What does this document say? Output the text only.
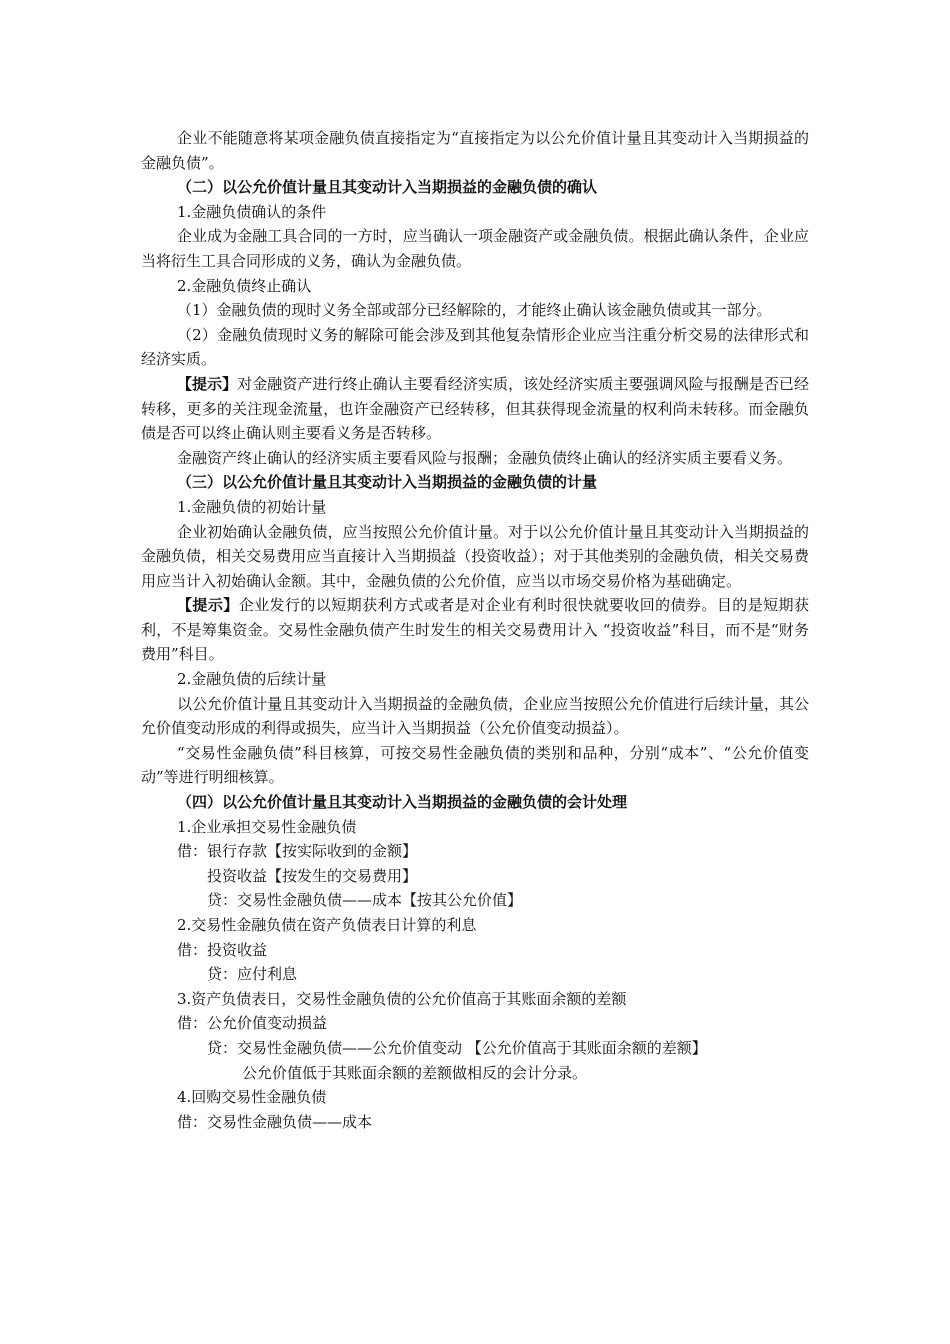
企业不能随意将某项金融负债直接指定为“直接指定为以公允价值计量且其变动计入当期损益的金融负债”。
（二）以公允价值计量且其变动计入当期损益的金融负债的确认
1.金融负债确认的条件
企业成为金融工具合同的一方时，应当确认一项金融资产或金融负债。根据此确认条件，企业应当将衍生工具合同形成的义务，确认为金融负债。
2.金融负债终止确认
（1）金融负债的现时义务全部或部分已经解除的，才能终止确认该金融负债或其一部分。
（2）金融负债现时义务的解除可能会涉及到其他复杂情形企业应当注重分析交易的法律形式和经济实质。
【提示】对金融资产进行终止确认主要看经济实质，该处经济实质主要强调风险与报酬是否已经转移，更多的关注现金流量，也许金融资产已经转移，但其获得现金流量的权利尚未转移。而金融负债是否可以终止确认则主要看义务是否转移。
金融资产终止确认的经济实质主要看风险与报酬；金融负债终止确认的经济实质主要看义务。
（三）以公允价值计量且其变动计入当期损益的金融负债的计量
1.金融负债的初始计量
企业初始确认金融负债，应当按照公允价值计量。对于以公允价值计量且其变动计入当期损益的金融负债，相关交易费用应当直接计入当期损益（投资收益）；对于其他类别的金融负债，相关交易费用应当计入初始确认金额。其中，金融负债的公允价值，应当以市场交易价格为基础确定。
【提示】企业发行的以短期获利方式或者是对企业有利时很快就要收回的债券。目的是短期获利，不是筹集资金。交易性金融负债产生时发生的相关交易费用计入 “投资收益”科目，而不是“财务费用”科目。
2.金融负债的后续计量
以公允价值计量且其变动计入当期损益的金融负债，企业应当按照公允价值进行后续计量，其公允价值变动形成的利得或损失，应当计入当期损益（公允价值变动损益）。
“交易性金融负债”科目核算，可按交易性金融负债的类别和品种，分别“成本”、“公允价值变动”等进行明细核算。
（四）以公允价值计量且其变动计入当期损益的金融负债的会计处理
1.企业承担交易性金融负债
借：银行存款【按实际收到的金额】
投资收益【按发生的交易费用】
贷：交易性金融负债——成本【按其公允价值】
2.交易性金融负债在资产负债表日计算的利息
借：投资收益
贷：应付利息
3.资产负债表日，交易性金融负债的公允价值高于其账面余额的差额
借：公允价值变动损益
贷：交易性金融负债——公允价值变动 【公允价值高于其账面余额的差额】
公允价值低于其账面余额的差额做相反的会计分录。
4.回购交易性金融负债
借：交易性金融负债——成本
